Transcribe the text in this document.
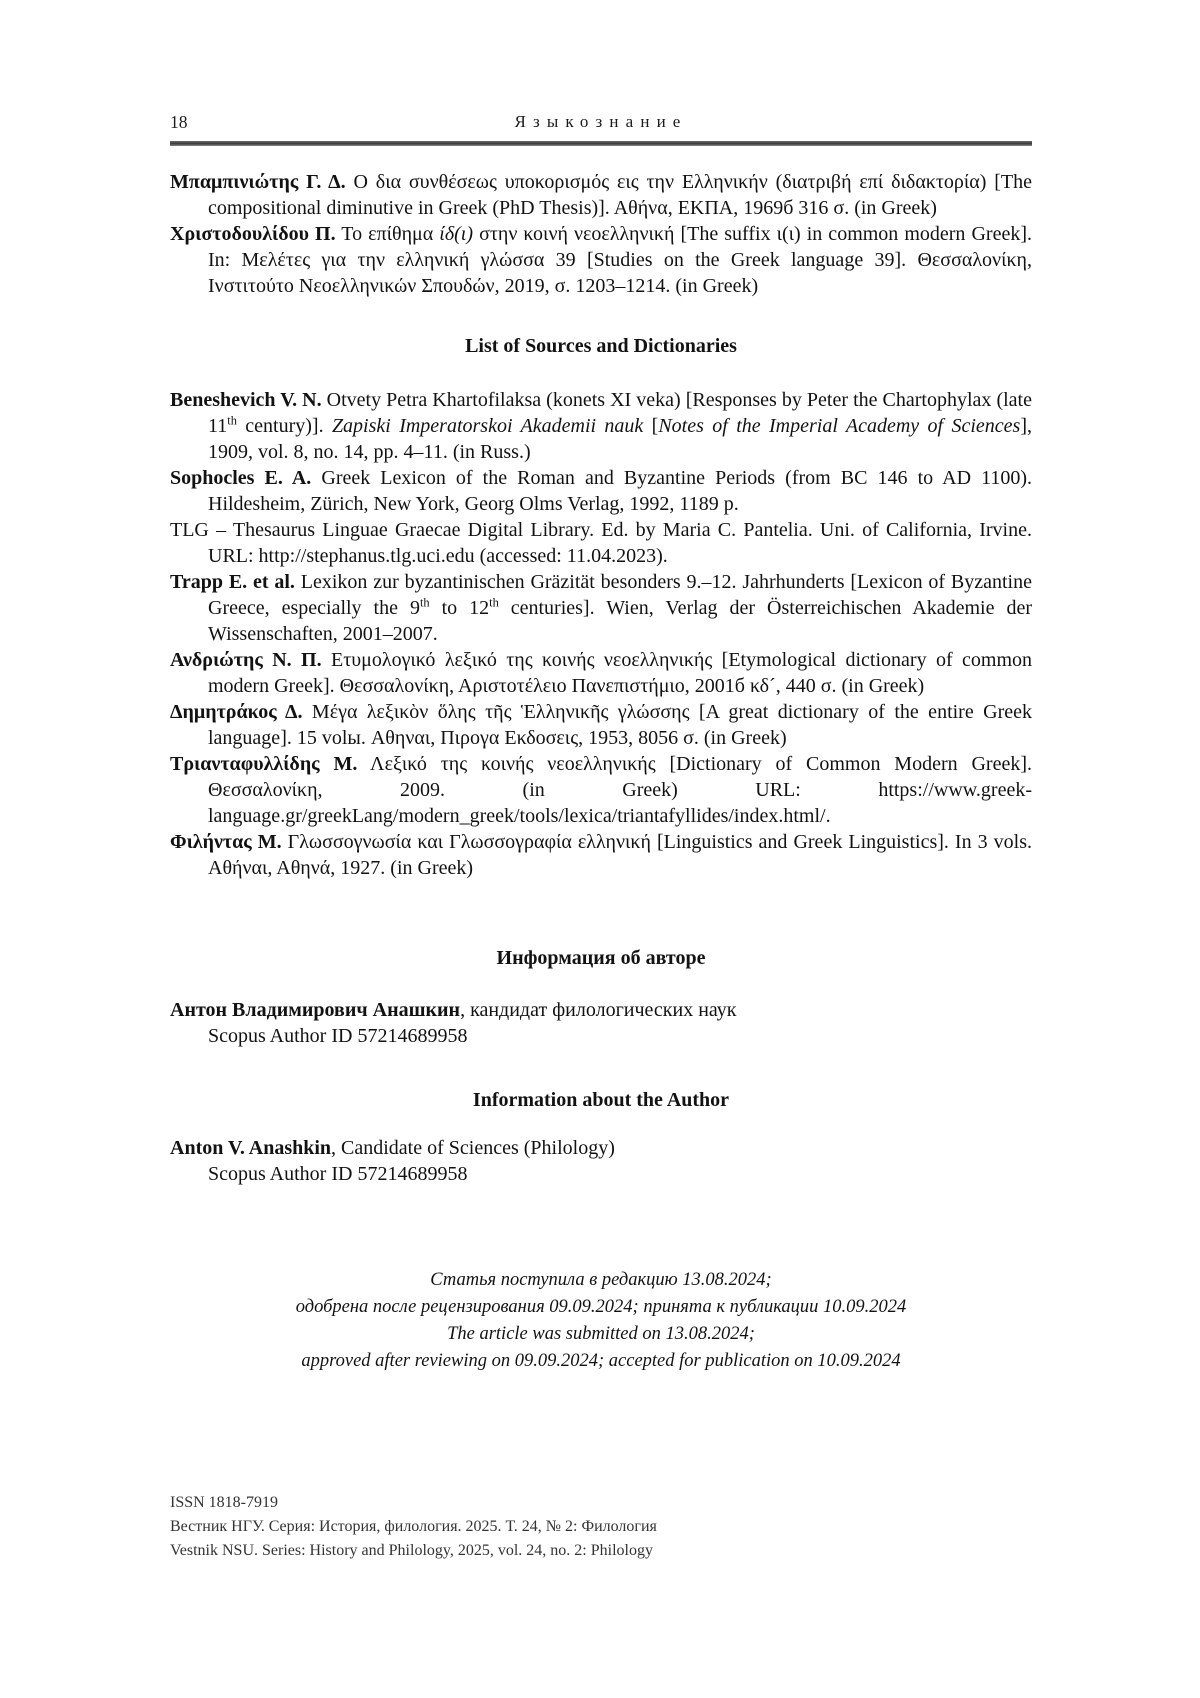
18	Языкознание

Μπαμπινιώτης Γ. Δ. Ο δια συνθέσεως υποκορισμός εις την Ελληνικήν (διατριβή επί διδακτορία) [The compositional diminutive in Greek (PhD Thesis)]. Αθήνα, ΕΚΠΑ, 1969б 316 σ. (in Greek)

Χριστοδουλίδου Π. Το επίθημα ίδ(ι) στην κοινή νεοελληνική [The suffix ι(ι) in common modern Greek]. In: Μελέτες για την ελληνική γλώσσα 39 [Studies on the Greek language 39]. Θεσσαλονίκη, Ινστιτούτο Νεοελληνικών Σπουδών, 2019, σ. 1203–1214. (in Greek)

List of Sources and Dictionaries

Beneshevich V. N. Otvety Petra Khartofilaksa (konets XI veka) [Responses by Peter the Chartophylax (late 11th century)]. Zapiski Imperatorskoi Akademii nauk [Notes of the Imperial Academy of Sciences], 1909, vol. 8, no. 14, pp. 4–11. (in Russ.)

Sophocles E. A. Greek Lexicon of the Roman and Byzantine Periods (from BC 146 to AD 1100). Hildesheim, Zürich, New York, Georg Olms Verlag, 1992, 1189 p.

TLG – Thesaurus Linguae Graecae Digital Library. Ed. by Maria C. Pantelia. Uni. of California, Irvine. URL: http://stephanus.tlg.uci.edu (accessed: 11.04.2023).

Trapp E. et al. Lexikon zur byzantinischen Gräzität besonders 9.–12. Jahrhunderts [Lexicon of Byzantine Greece, especially the 9th to 12th centuries]. Wien, Verlag der Österreichischen Akademie der Wissenschaften, 2001–2007.

Ανδριώτης Ν. Π. Ετυμολογικό λεξικό της κοινής νεοελληνικής [Etymological dictionary of common modern Greek]. Θεσσαλονίκη, Αριστοτέλειο Πανεπιστήμιο, 2001б κδ´, 440 σ. (in Greek)

Δημητράκος Δ. Μέγα λεξικὸν ὅλης τῆς Ἑλληνικῆς γλώσσης [A great dictionary of the entire Greek language]. 15 volы. Αθηναι, Πιρογα Εκδοσεις, 1953, 8056 σ. (in Greek)

Τριανταφυλλίδης Μ. Λεξικό της κοινής νεοελληνικής [Dictionary of Common Modern Greek]. Θεσσαλονίκη, 2009. (in Greek) URL: https://www.greek-language.gr/greekLang/modern_greek/tools/lexica/triantafyllides/index.html/.

Φιλήντας Μ. Γλωσσογνωσία και Γλωσσογραφία ελληνική [Linguistics and Greek Linguistics]. In 3 vols. Αθήναι, Αθηνά, 1927. (in Greek)

Информация об авторе

Антон Владимирович Анашкин, кандидат филологических наук

Scopus Author ID 57214689958

Information about the Author

Anton V. Anashkin, Candidate of Sciences (Philology)

Scopus Author ID 57214689958

Статья поступила в редакцию 13.08.2024;

одобрена после рецензирования 09.09.2024; принята к публикации 10.09.2024

The article was submitted on 13.08.2024;

approved after reviewing on 09.09.2024; accepted for publication on 10.09.2024

ISSN 1818-7919

Вестник НГУ. Серия: История, филология. 2025. Т. 24, № 2: Филология

Vestnik NSU. Series: History and Philology, 2025, vol. 24, no. 2: Philology
